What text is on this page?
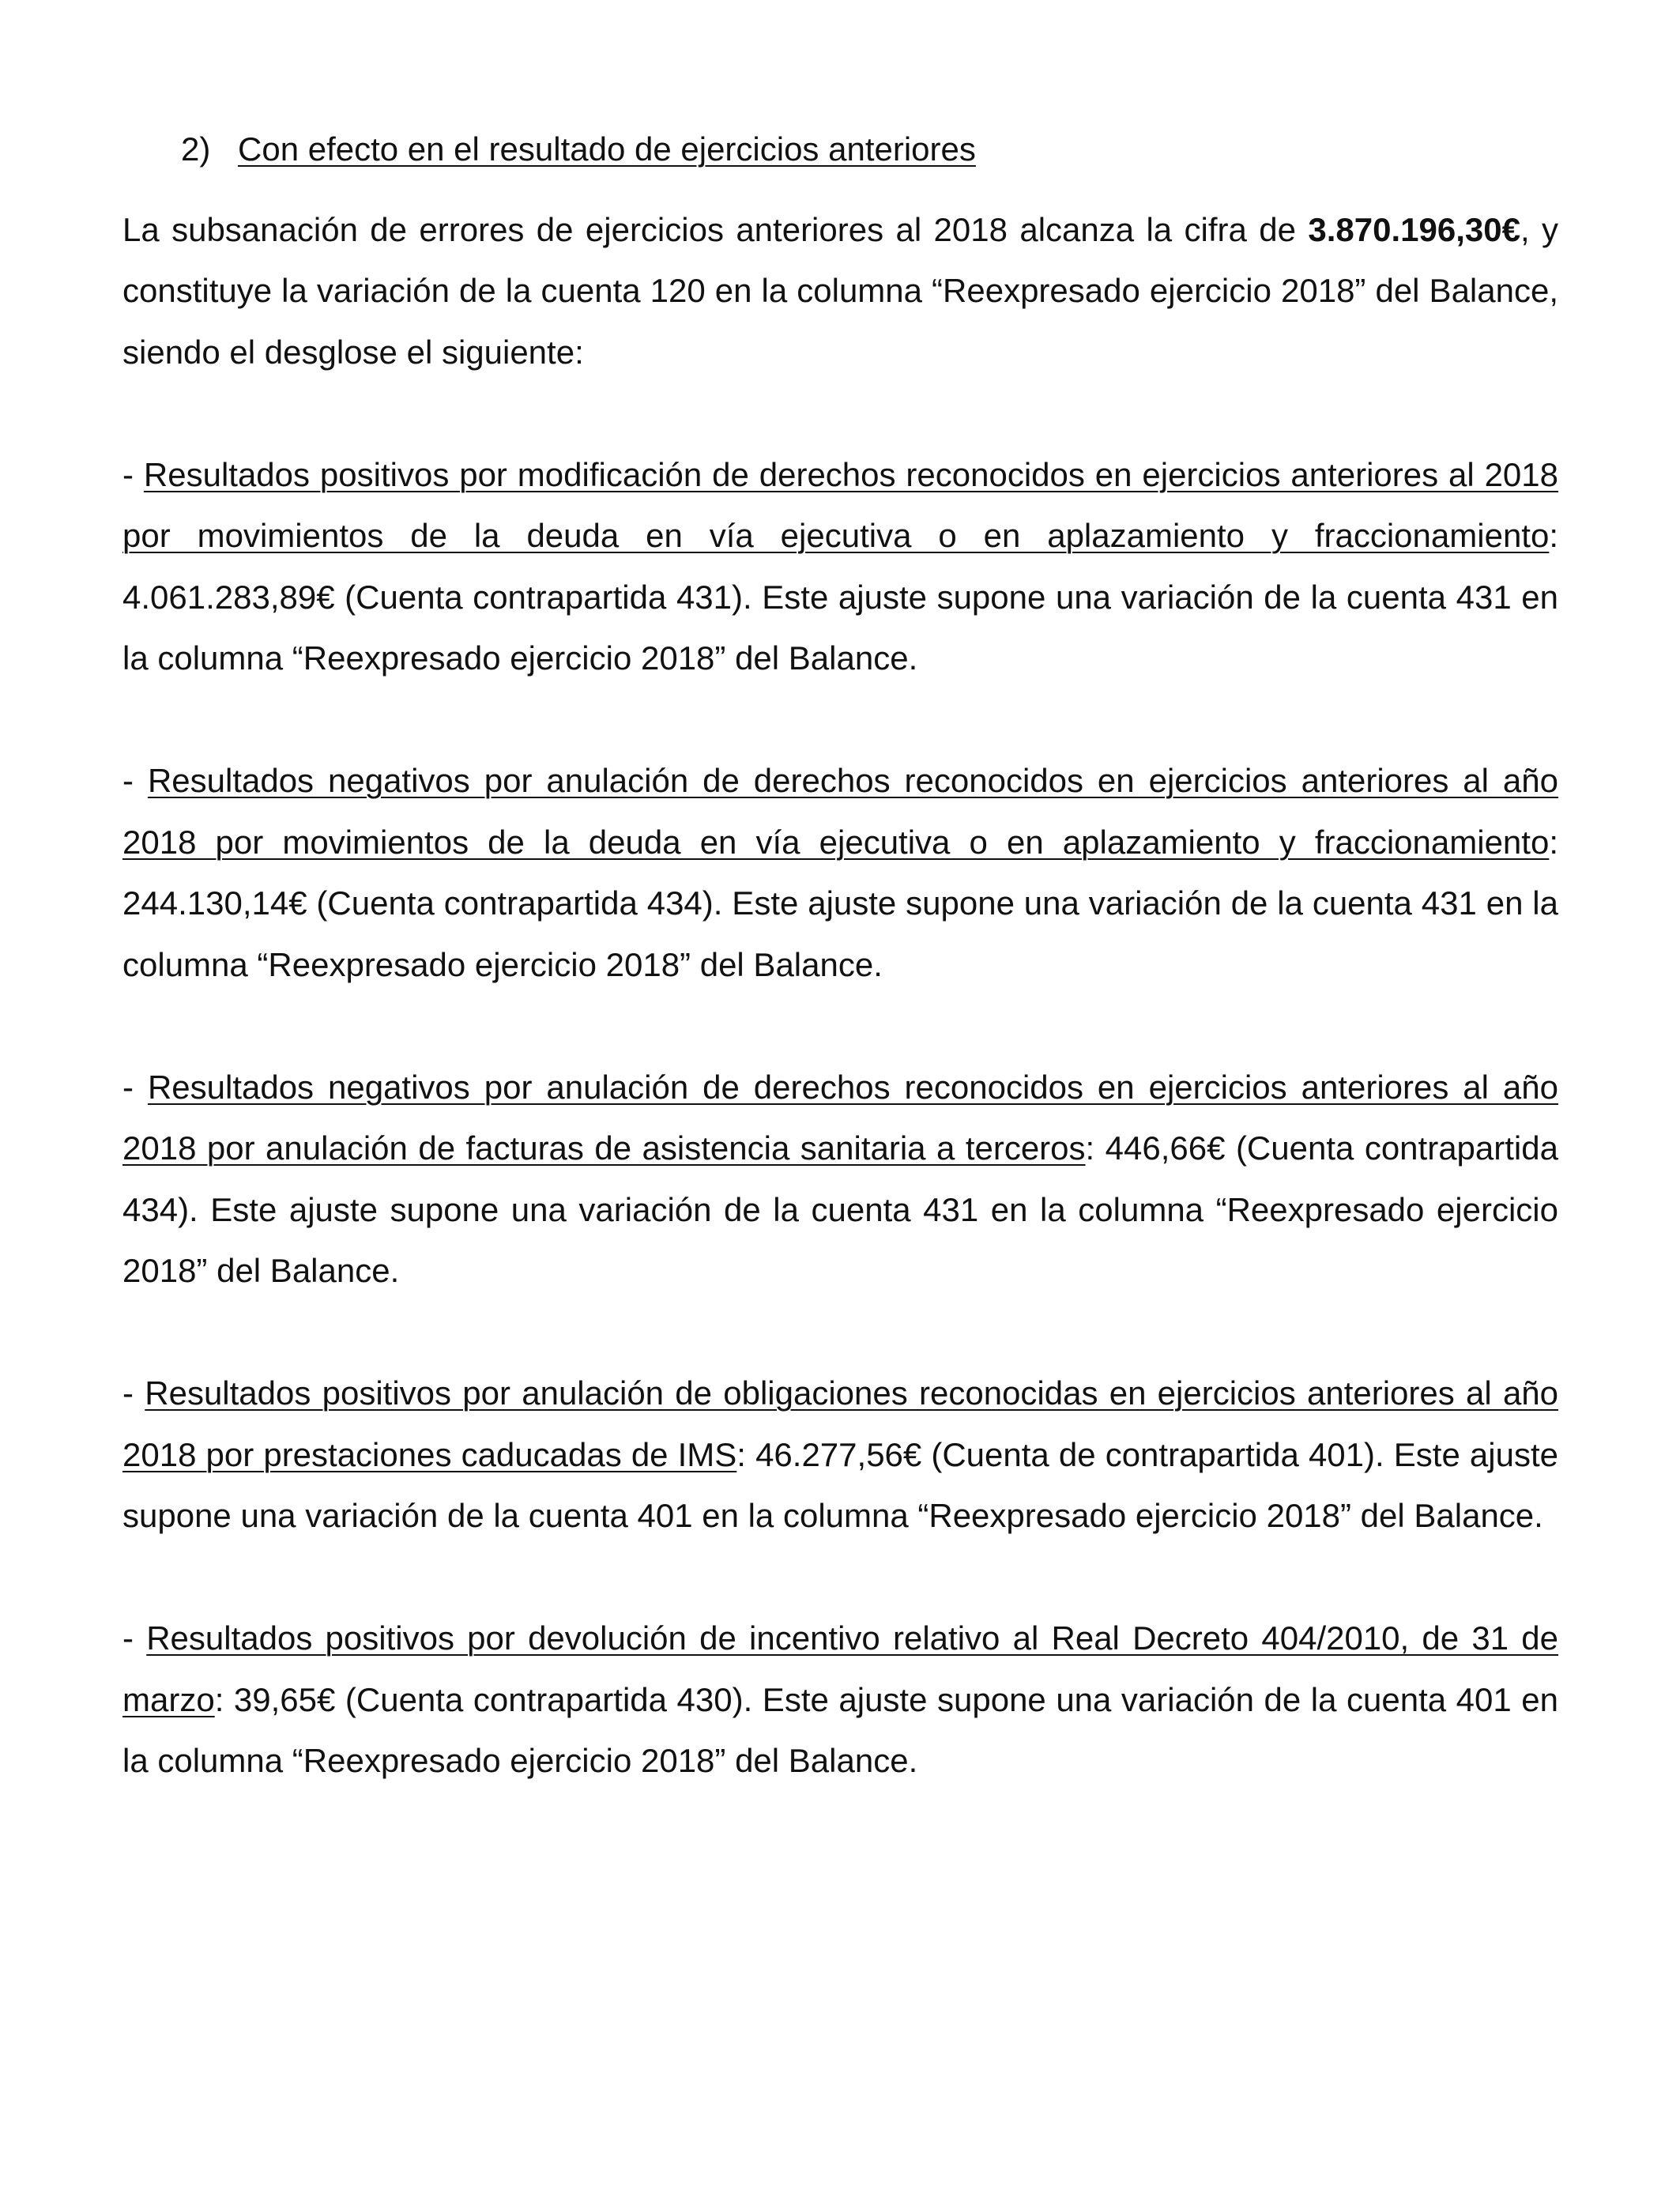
2) Con efecto en el resultado de ejercicios anteriores

La subsanación de errores de ejercicios anteriores al 2018 alcanza la cifra de 3.870.196,30€, y constituye la variación de la cuenta 120 en la columna “Reexpresado ejercicio 2018” del Balance, siendo el desglose el siguiente:

- Resultados positivos por modificación de derechos reconocidos en ejercicios anteriores al 2018 por movimientos de la deuda en vía ejecutiva o en aplazamiento y fraccionamiento: 4.061.283,89€ (Cuenta contrapartida 431). Este ajuste supone una variación de la cuenta 431 en la columna “Reexpresado ejercicio 2018” del Balance.

- Resultados negativos por anulación de derechos reconocidos en ejercicios anteriores al año 2018 por movimientos de la deuda en vía ejecutiva o en aplazamiento y fraccionamiento: 244.130,14€ (Cuenta contrapartida 434). Este ajuste supone una variación de la cuenta 431 en la columna “Reexpresado ejercicio 2018” del Balance.

- Resultados negativos por anulación de derechos reconocidos en ejercicios anteriores al año 2018 por anulación de facturas de asistencia sanitaria a terceros: 446,66€ (Cuenta contrapartida 434). Este ajuste supone una variación de la cuenta 431 en la columna “Reexpresado ejercicio 2018” del Balance.

- Resultados positivos por anulación de obligaciones reconocidas en ejercicios anteriores al año 2018 por prestaciones caducadas de IMS: 46.277,56€ (Cuenta de contrapartida 401). Este ajuste supone una variación de la cuenta 401 en la columna “Reexpresado ejercicio 2018” del Balance.

- Resultados positivos por devolución de incentivo relativo al Real Decreto 404/2010, de 31 de marzo: 39,65€ (Cuenta contrapartida 430). Este ajuste supone una variación de la cuenta 401 en la columna “Reexpresado ejercicio 2018” del Balance.
